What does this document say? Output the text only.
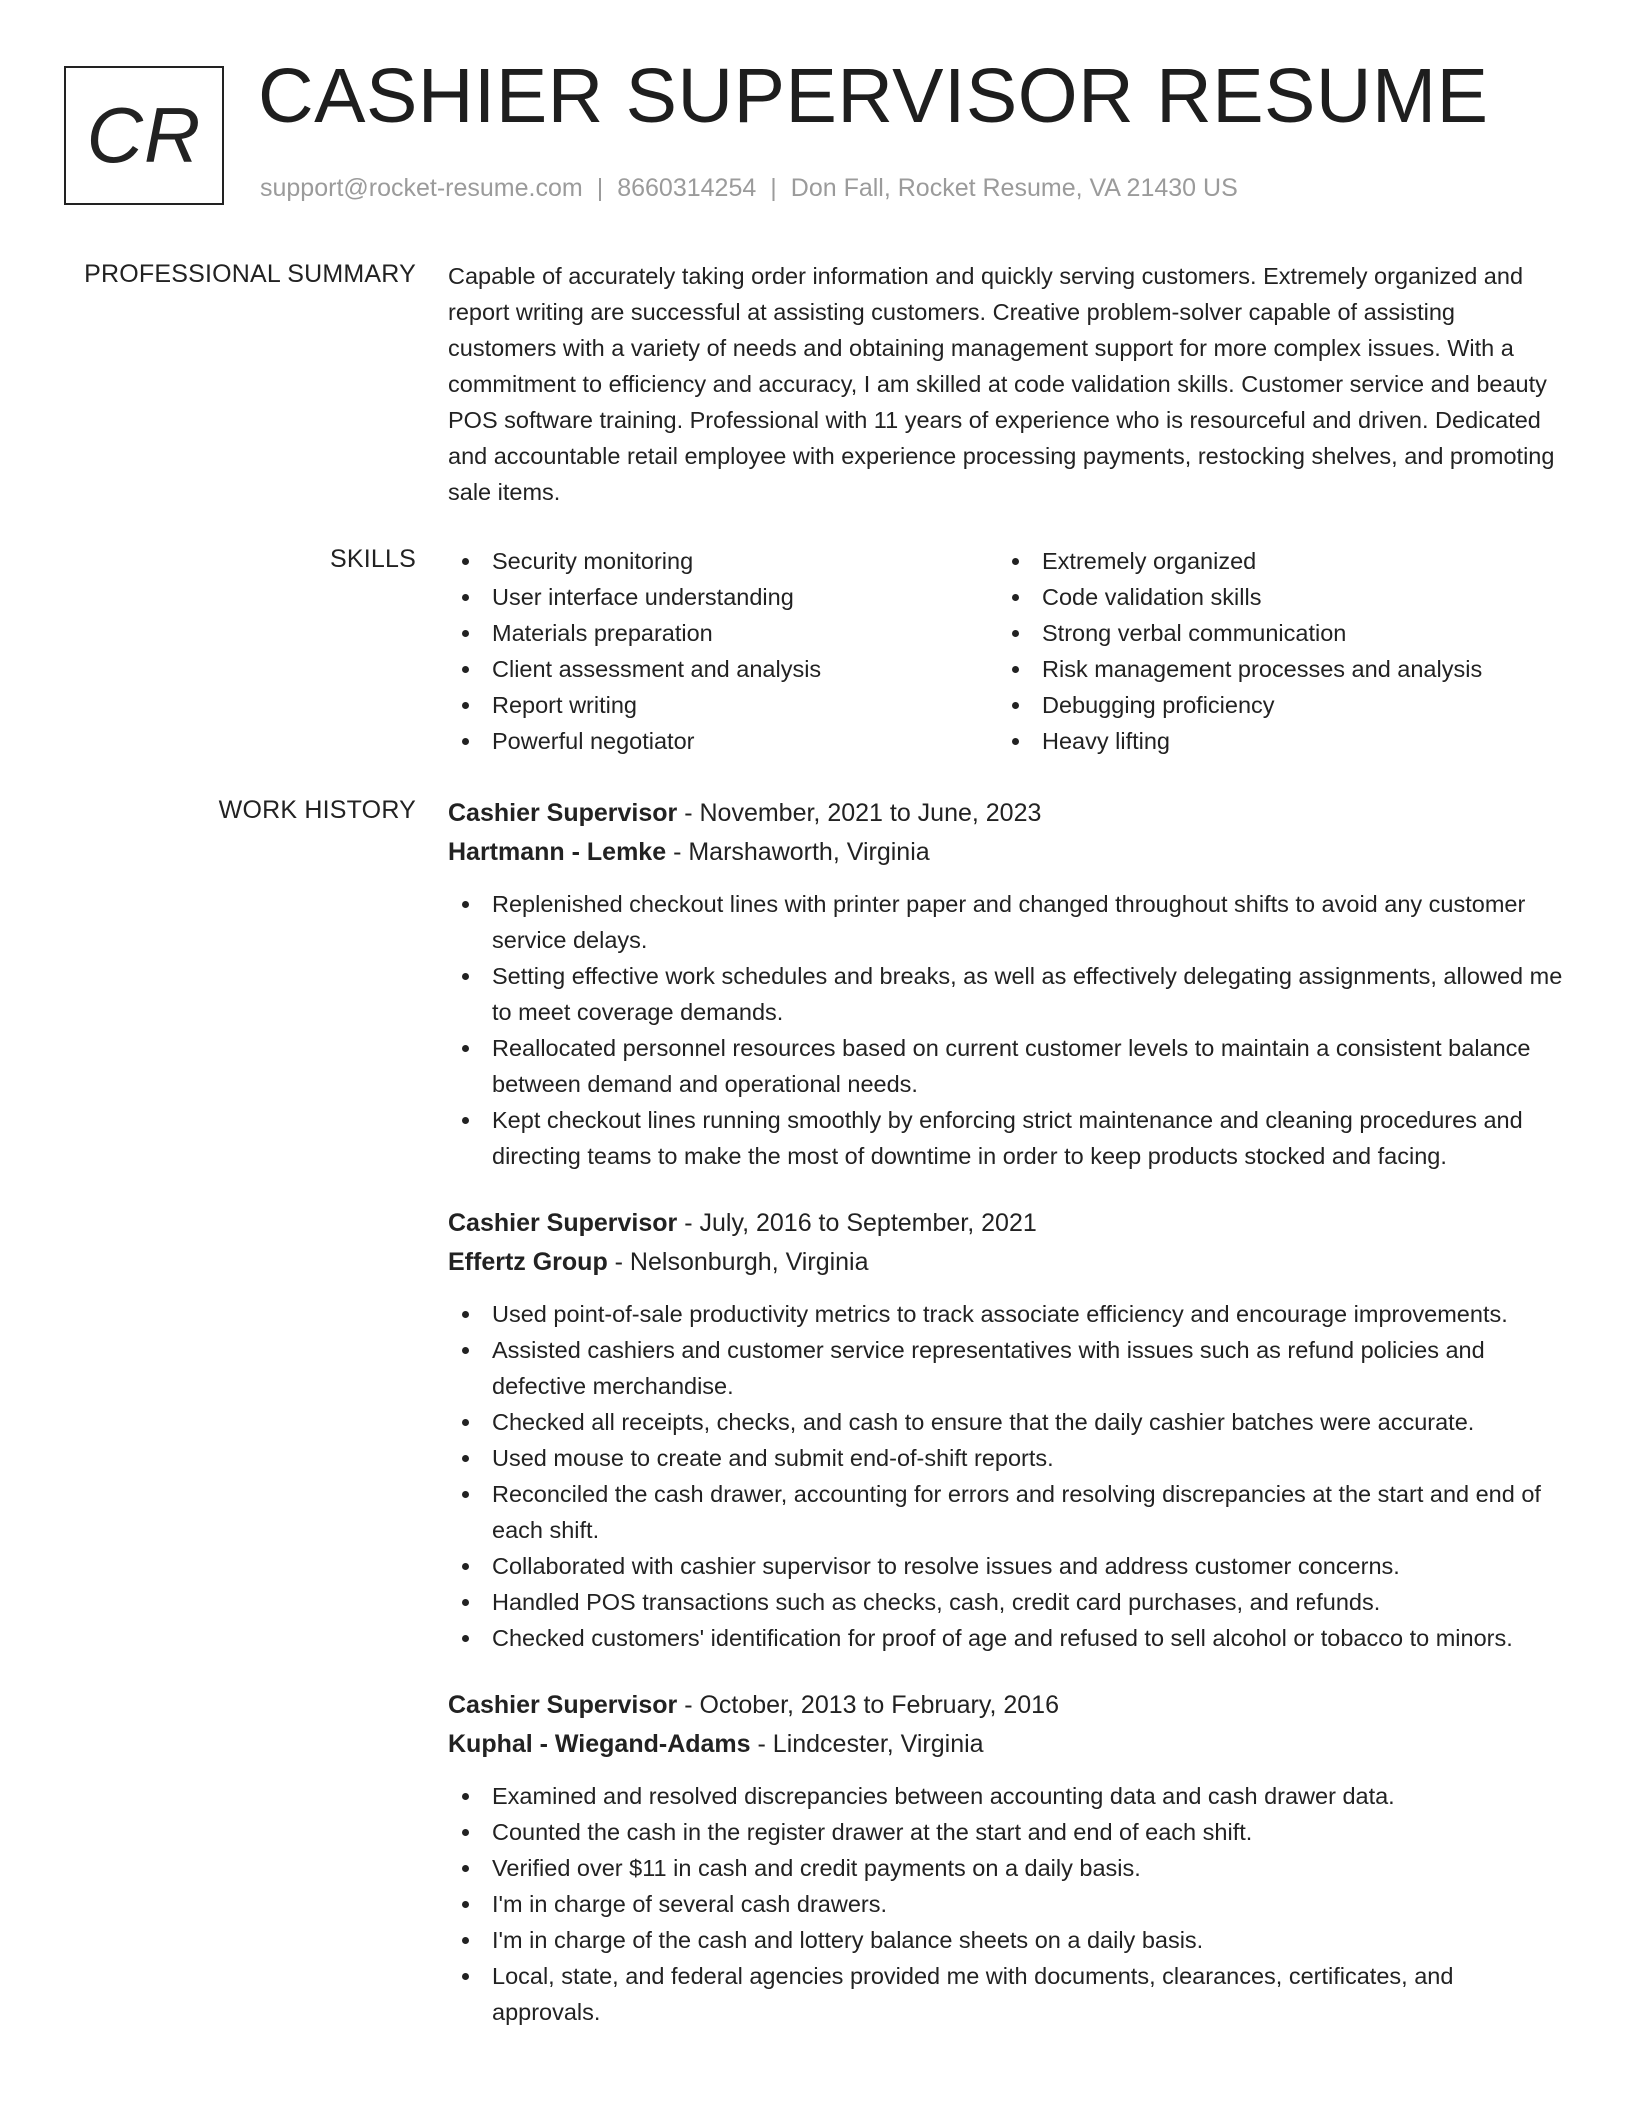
CR CASHIER SUPERVISOR RESUME
support@rocket-resume.com | 8660314254 | Don Fall, Rocket Resume, VA 21430 US
PROFESSIONAL SUMMARY Capable of accurately taking order information and quickly serving customers. Extremely organized and report writing are successful at assisting customers. Creative problem-solver capable of assisting customers with a variety of needs and obtaining management support for more complex issues. With a commitment to efficiency and accuracy, I am skilled at code validation skills. Customer service and beauty POS software training. Professional with 11 years of experience who is resourceful and driven. Dedicated and accountable retail employee with experience processing payments, restocking shelves, and promoting sale items.

SKILLS	Security monitoring
User interface understanding
Materials preparation
Client assessment and analysis
Report writing
Powerful negotiator
Extremely organized
Code validation skills
Strong verbal communication
Risk management processes and analysis
Debugging proficiency
Heavy lifting
WORK HISTORY Cashier Supervisor - November, 2021 to June, 2023
Hartmann - Lemke - Marshaworth, Virginia
Replenished checkout lines with printer paper and changed throughout shifts to avoid any customer service delays.
Setting effective work schedules and breaks, as well as effectively delegating assignments, allowed me to meet coverage demands.
Reallocated personnel resources based on current customer levels to maintain a consistent balance between demand and operational needs.
Kept checkout lines running smoothly by enforcing strict maintenance and cleaning procedures and directing teams to make the most of downtime in order to keep products stocked and facing.
Cashier Supervisor - July, 2016 to September, 2021
Effertz Group - Nelsonburgh, Virginia
Used point-of-sale productivity metrics to track associate efficiency and encourage improvements.
Assisted cashiers and customer service representatives with issues such as refund policies and defective merchandise.
Checked all receipts, checks, and cash to ensure that the daily cashier batches were accurate.
Used mouse to create and submit end-of-shift reports.
Reconciled the cash drawer, accounting for errors and resolving discrepancies at the start and end of each shift.
Collaborated with cashier supervisor to resolve issues and address customer concerns.
Handled POS transactions such as checks, cash, credit card purchases, and refunds.
Checked customers' identification for proof of age and refused to sell alcohol or tobacco to minors.
Cashier Supervisor - October, 2013 to February, 2016
Kuphal - Wiegand-Adams - Lindcester, Virginia
Examined and resolved discrepancies between accounting data and cash drawer data.
Counted the cash in the register drawer at the start and end of each shift.
Verified over $11 in cash and credit payments on a daily basis.
I'm in charge of several cash drawers.
I'm in charge of the cash and lottery balance sheets on a daily basis.
Local, state, and federal agencies provided me with documents, clearances, certificates, and approvals.
